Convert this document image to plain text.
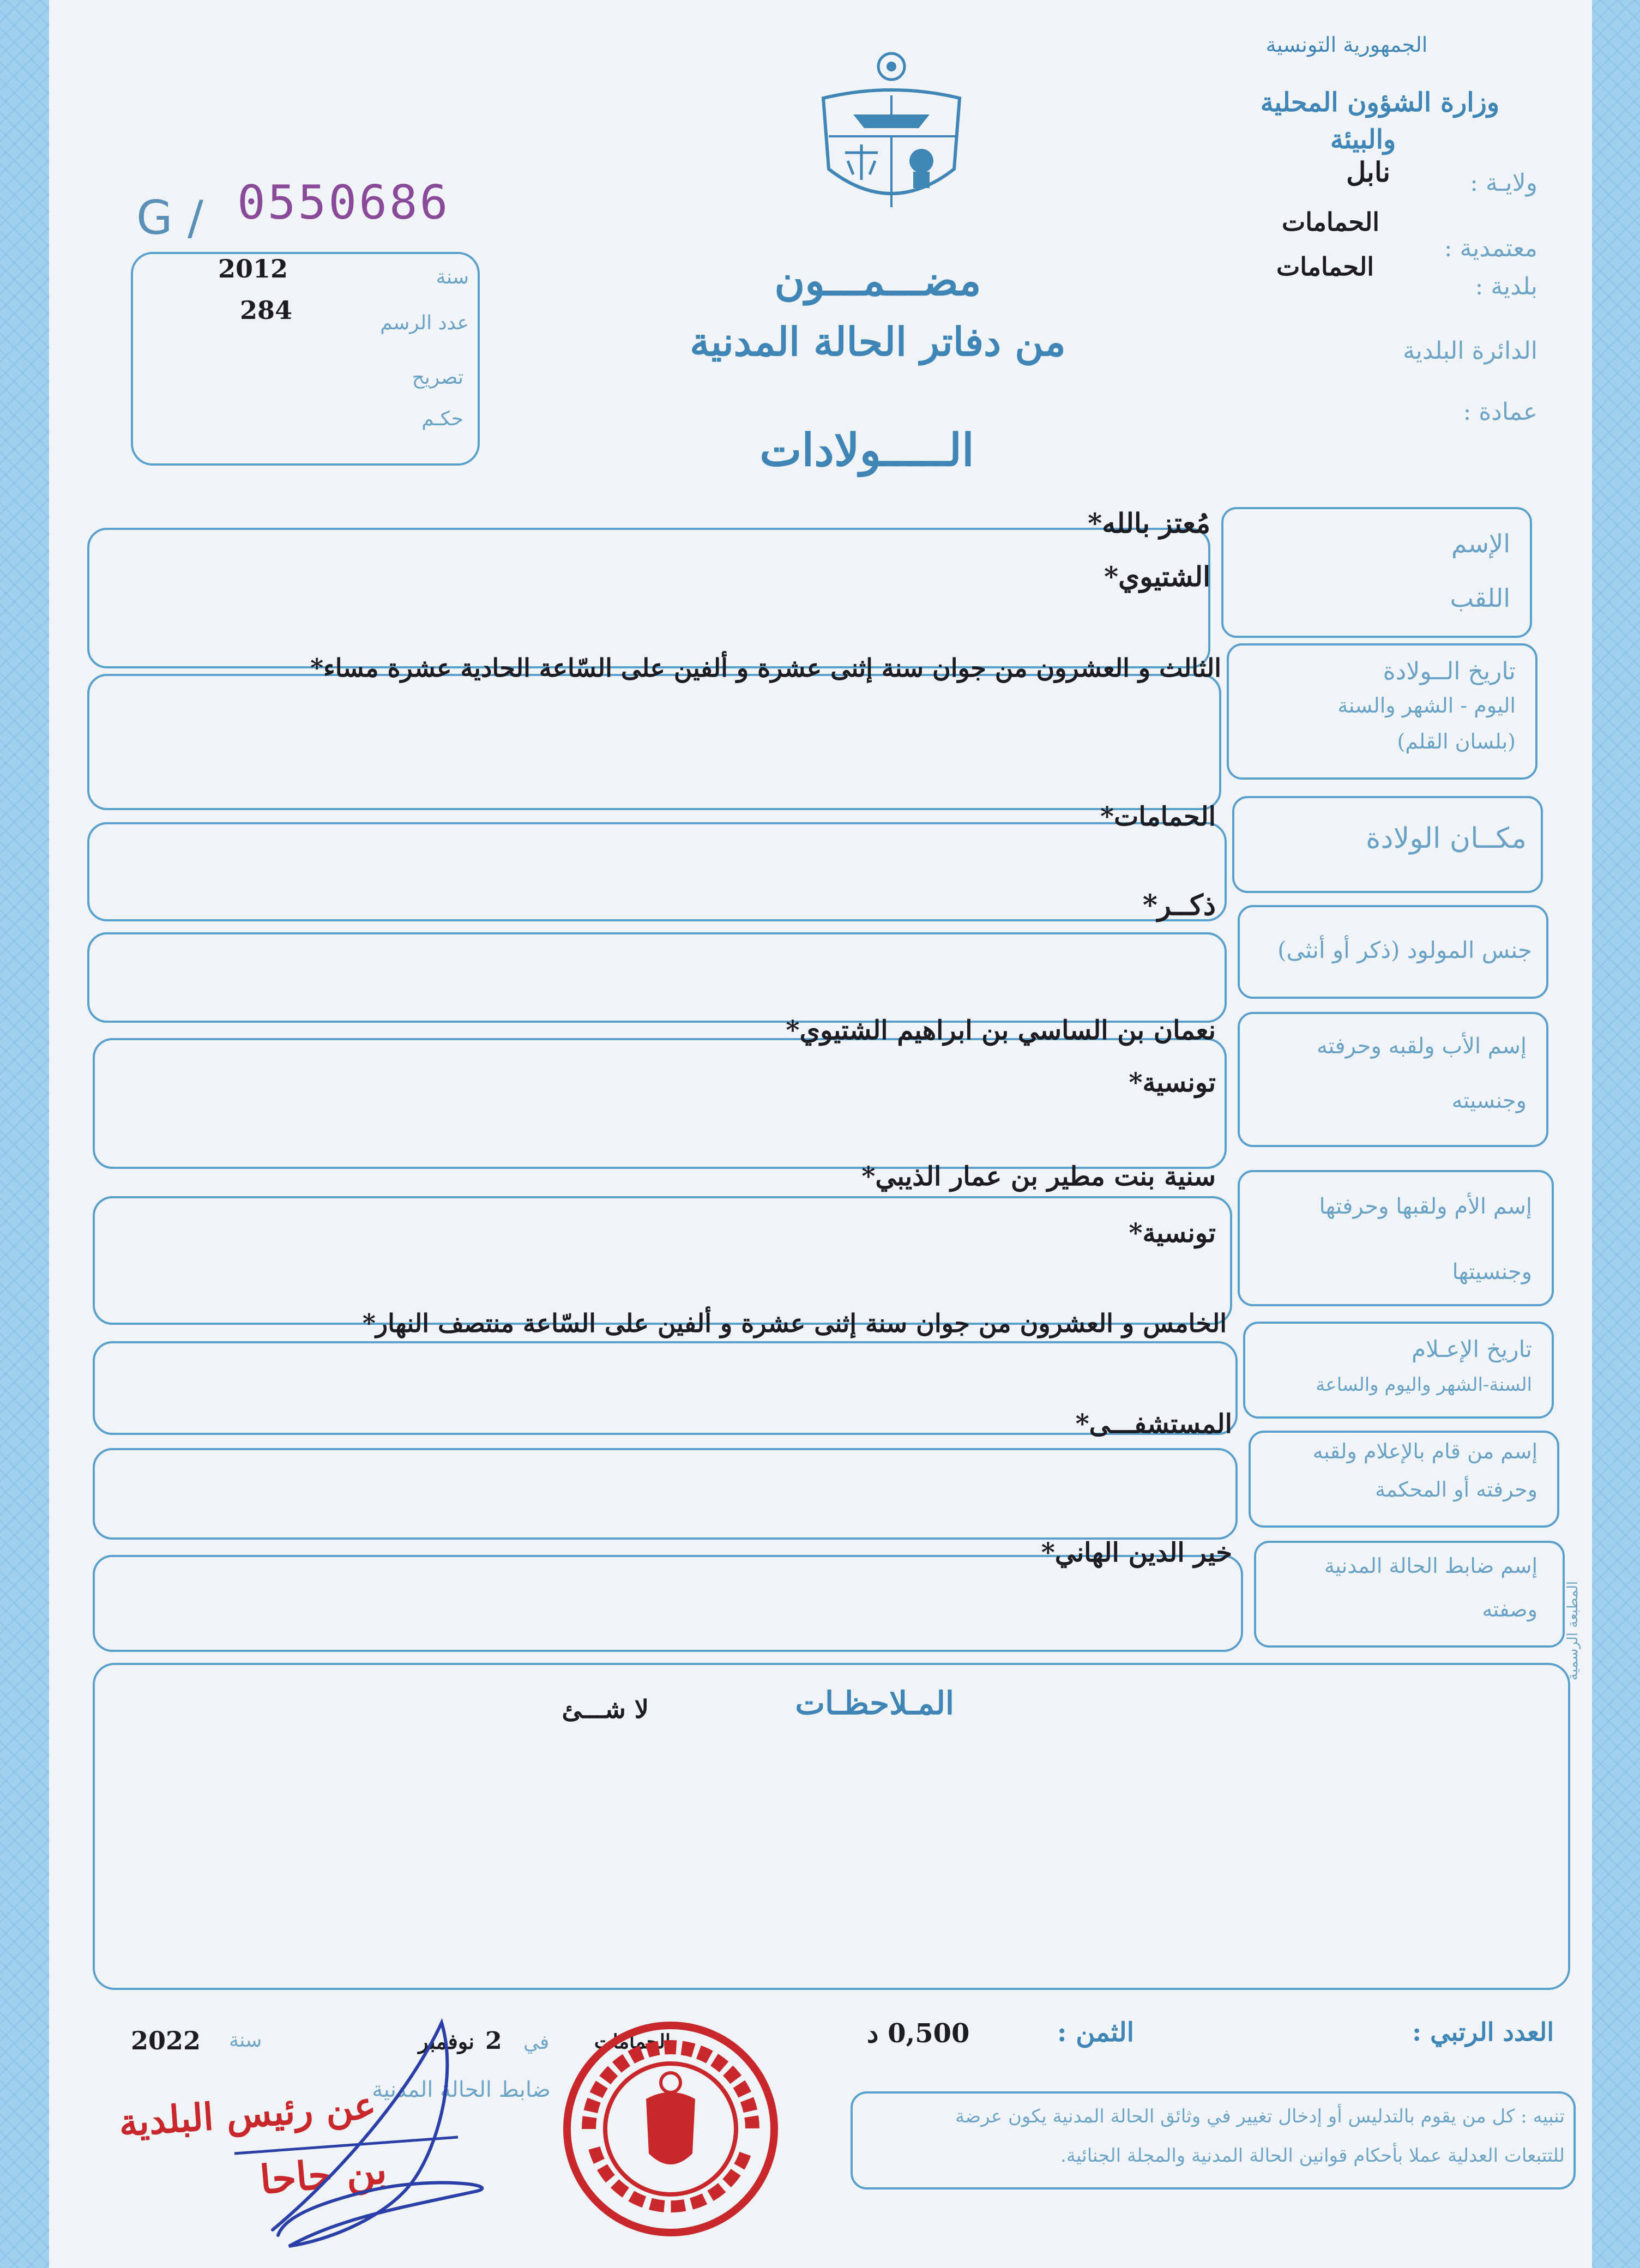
الجمهورية التونسية
وزارة الشؤون المحلية
والبيئة
ولايـة :
نابل
معتمدية :
الحمامات
بلدية :
الحمامات
الدائرة البلدية
عمادة :
G / 0550686
سنة
2012
عدد الرسم
284
تصريح
حكـم
مضـــمـــون
من دفاتر الحالة المدنية
الـــــولادات
الإسم
اللقب
مُعتز بالله*
الشتيوي*
تاريخ الــولادة
اليوم - الشهر والسنة
(بلسان القلم)
الثالث و العشرون من جوان سنة إثنى عشرة و ألفين على السّاعة الحادية عشرة مساء*
مكــان الولادة
الحمامات*
جنس المولود (ذكر أو أنثى)
ذكــر*
إسم الأب ولقبه وحرفته
وجنسيته
نعمان بن الساسي بن ابراهيم الشتيوي*
تونسية*
إسم الأم ولقبها وحرفتها
وجنسيتها
سنية بنت مطير بن عمار الذيبي*
تونسية*
تاريخ الإعـلام
السنة-الشهر واليوم والساعة
الخامس و العشرون من جوان سنة إثنى عشرة و ألفين على السّاعة منتصف النهار*
إسم من قام بالإعلام ولقبه
وحرفته أو المحكمة
المستشفـــى*
إسم ضابط الحالة المدنية
وصفته
خير الدين الهاني*
المـلاحظـات
لا شـــئ
المطبعة الرسمية
العدد الرتبي :
الثمن :
0,500 د
الحمامات
في
2
نوفمبر
سنة
2022
ضابط الحالة المدنية
تنبيه : كل من يقوم بالتدليس أو إدخال تغيير في وثائق الحالة المدنية يكون عرضة
للتتبعات العدلية عملا بأحكام قوانين الحالة المدنية والمجلة الجنائية.
عن رئيس البلدية
بن حاحا
